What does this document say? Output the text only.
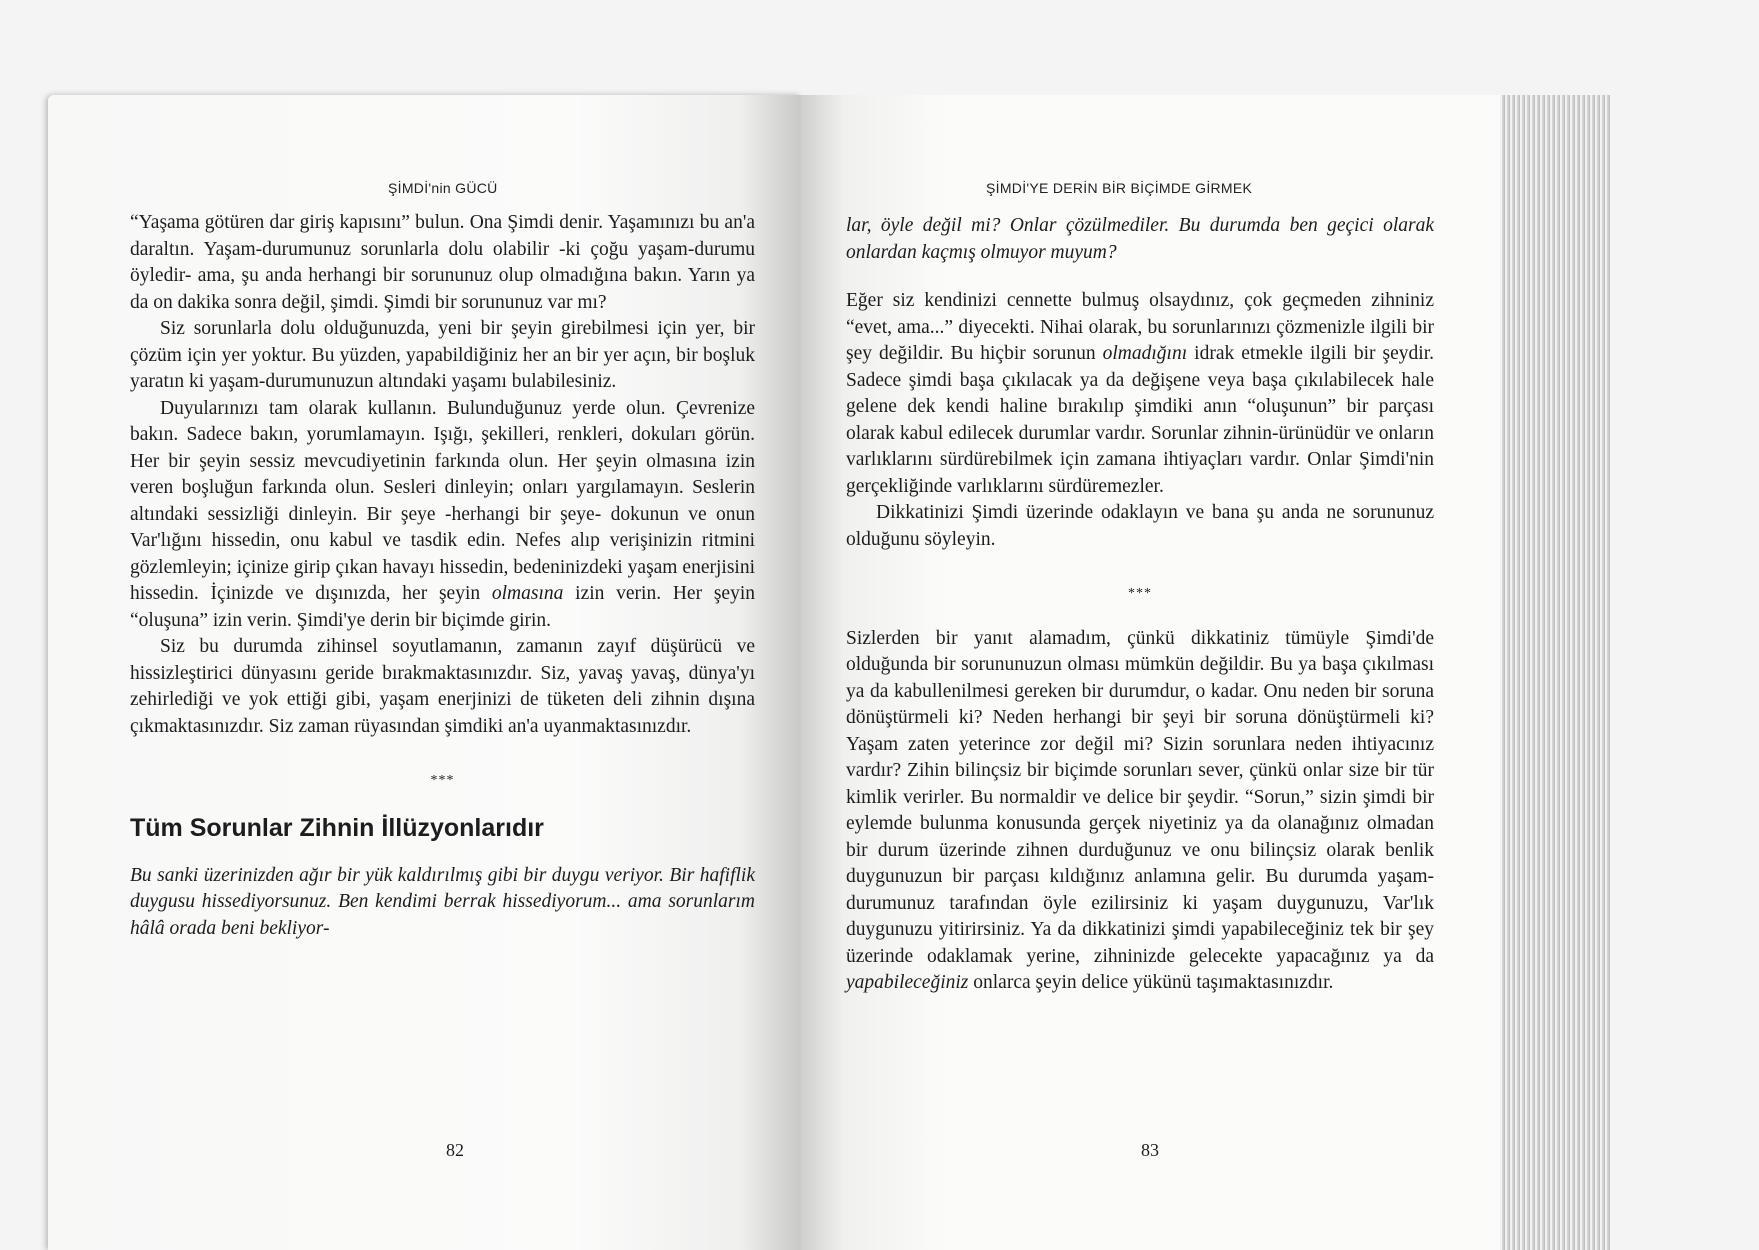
ŞİMDİ'nin GÜCÜ

“Yaşama götüren dar giriş kapısını” bulun. Ona Şimdi denir. Yaşamınızı bu an'a daraltın. Yaşam-durumunuz sorunlarla dolu olabilir -ki çoğu yaşam-durumu öyledir- ama, şu anda herhangi bir sorununuz olup olmadığına bakın. Yarın ya da on dakika sonra değil, şimdi. Şimdi bir sorununuz var mı?

Siz sorunlarla dolu olduğunuzda, yeni bir şeyin girebilmesi için yer, bir çözüm için yer yoktur. Bu yüzden, yapabildiğiniz her an bir yer açın, bir boşluk yaratın ki yaşam-durumunuzun altındaki yaşamı bulabilesiniz.

Duyularınızı tam olarak kullanın. Bulunduğunuz yerde olun. Çevrenize bakın. Sadece bakın, yorumlamayın. Işığı, şekilleri, renkleri, dokuları görün. Her bir şeyin sessiz mevcudiyetinin farkında olun. Her şeyin olmasına izin veren boşluğun farkında olun. Sesleri dinleyin; onları yargılamayın. Seslerin altındaki sessizliği dinleyin. Bir şeye -herhangi bir şeye- dokunun ve onun Var'lığını hissedin, onu kabul ve tasdik edin. Nefes alıp verişinizin ritmini gözlemleyin; içinize girip çıkan havayı hissedin, bedeninizdeki yaşam enerjisini hissedin. İçinizde ve dışınızda, her şeyin olmasına izin verin. Her şeyin “oluşuna” izin verin. Şimdi'ye derin bir biçimde girin.

Siz bu durumda zihinsel soyutlamanın, zamanın zayıf düşürücü ve hissizleştirici dünyasını geride bırakmaktasınızdır. Siz, yavaş yavaş, dünya'yı zehirlediği ve yok ettiği gibi, yaşam enerjinizi de tüketen deli zihnin dışına çıkmaktasınızdır. Siz zaman rüyasından şimdiki an'a uyanmaktasınızdır.

***
Tüm Sorunlar Zihnin İllüzyonlarıdır

Bu sanki üzerinizden ağır bir yük kaldırılmış gibi bir duygu veriyor. Bir hafiflik duygusu hissediyorsunuz. Ben kendimi berrak hissediyorum... ama sorunlarım hâlâ orada beni bekliyor-

82
ŞİMDİ'YE DERİN BİR BİÇİMDE GİRMEK

lar, öyle değil mi? Onlar çözülmediler. Bu durumda ben geçici olarak onlardan kaçmış olmuyor muyum?

Eğer siz kendinizi cennette bulmuş olsaydınız, çok geçmeden zihniniz “evet, ama...” diyecekti. Nihai olarak, bu sorunlarınızı çözmenizle ilgili bir şey değildir. Bu hiçbir sorunun olmadığını idrak etmekle ilgili bir şeydir. Sadece şimdi başa çıkılacak ya da değişene veya başa çıkılabilecek hale gelene dek kendi haline bırakılıp şimdiki anın “oluşunun” bir parçası olarak kabul edilecek durumlar vardır. Sorunlar zihnin-ürünüdür ve onların varlıklarını sürdürebilmek için zamana ihtiyaçları vardır. Onlar Şimdi'nin gerçekliğinde varlıklarını sürdüremezler.

Dikkatinizi Şimdi üzerinde odaklayın ve bana şu anda ne sorununuz olduğunu söyleyin.

***

Sizlerden bir yanıt alamadım, çünkü dikkatiniz tümüyle Şimdi'de olduğunda bir sorununuzun olması mümkün değildir. Bu ya başa çıkılması ya da kabullenilmesi gereken bir durumdur, o kadar. Onu neden bir soruna dönüştürmeli ki? Neden herhangi bir şeyi bir soruna dönüştürmeli ki? Yaşam zaten yeterince zor değil mi? Sizin sorunlara neden ihtiyacınız vardır? Zihin bilinçsiz bir biçimde sorunları sever, çünkü onlar size bir tür kimlik verirler. Bu normaldir ve delice bir şeydir. “Sorun,” sizin şimdi bir eylemde bulunma konusunda gerçek niyetiniz ya da olanağınız olmadan bir durum üzerinde zihnen durduğunuz ve onu bilinçsiz olarak benlik duygunuzun bir parçası kıldığınız anlamına gelir. Bu durumda yaşam-durumunuz tarafından öyle ezilirsiniz ki yaşam duygunuzu, Var'lık duygunuzu yitirirsiniz. Ya da dikkatinizi şimdi yapabileceğiniz tek bir şey üzerinde odaklamak yerine, zihninizde gelecekte yapacağınız ya da yapabileceğiniz onlarca şeyin delice yükünü taşımaktasınızdır.

83
